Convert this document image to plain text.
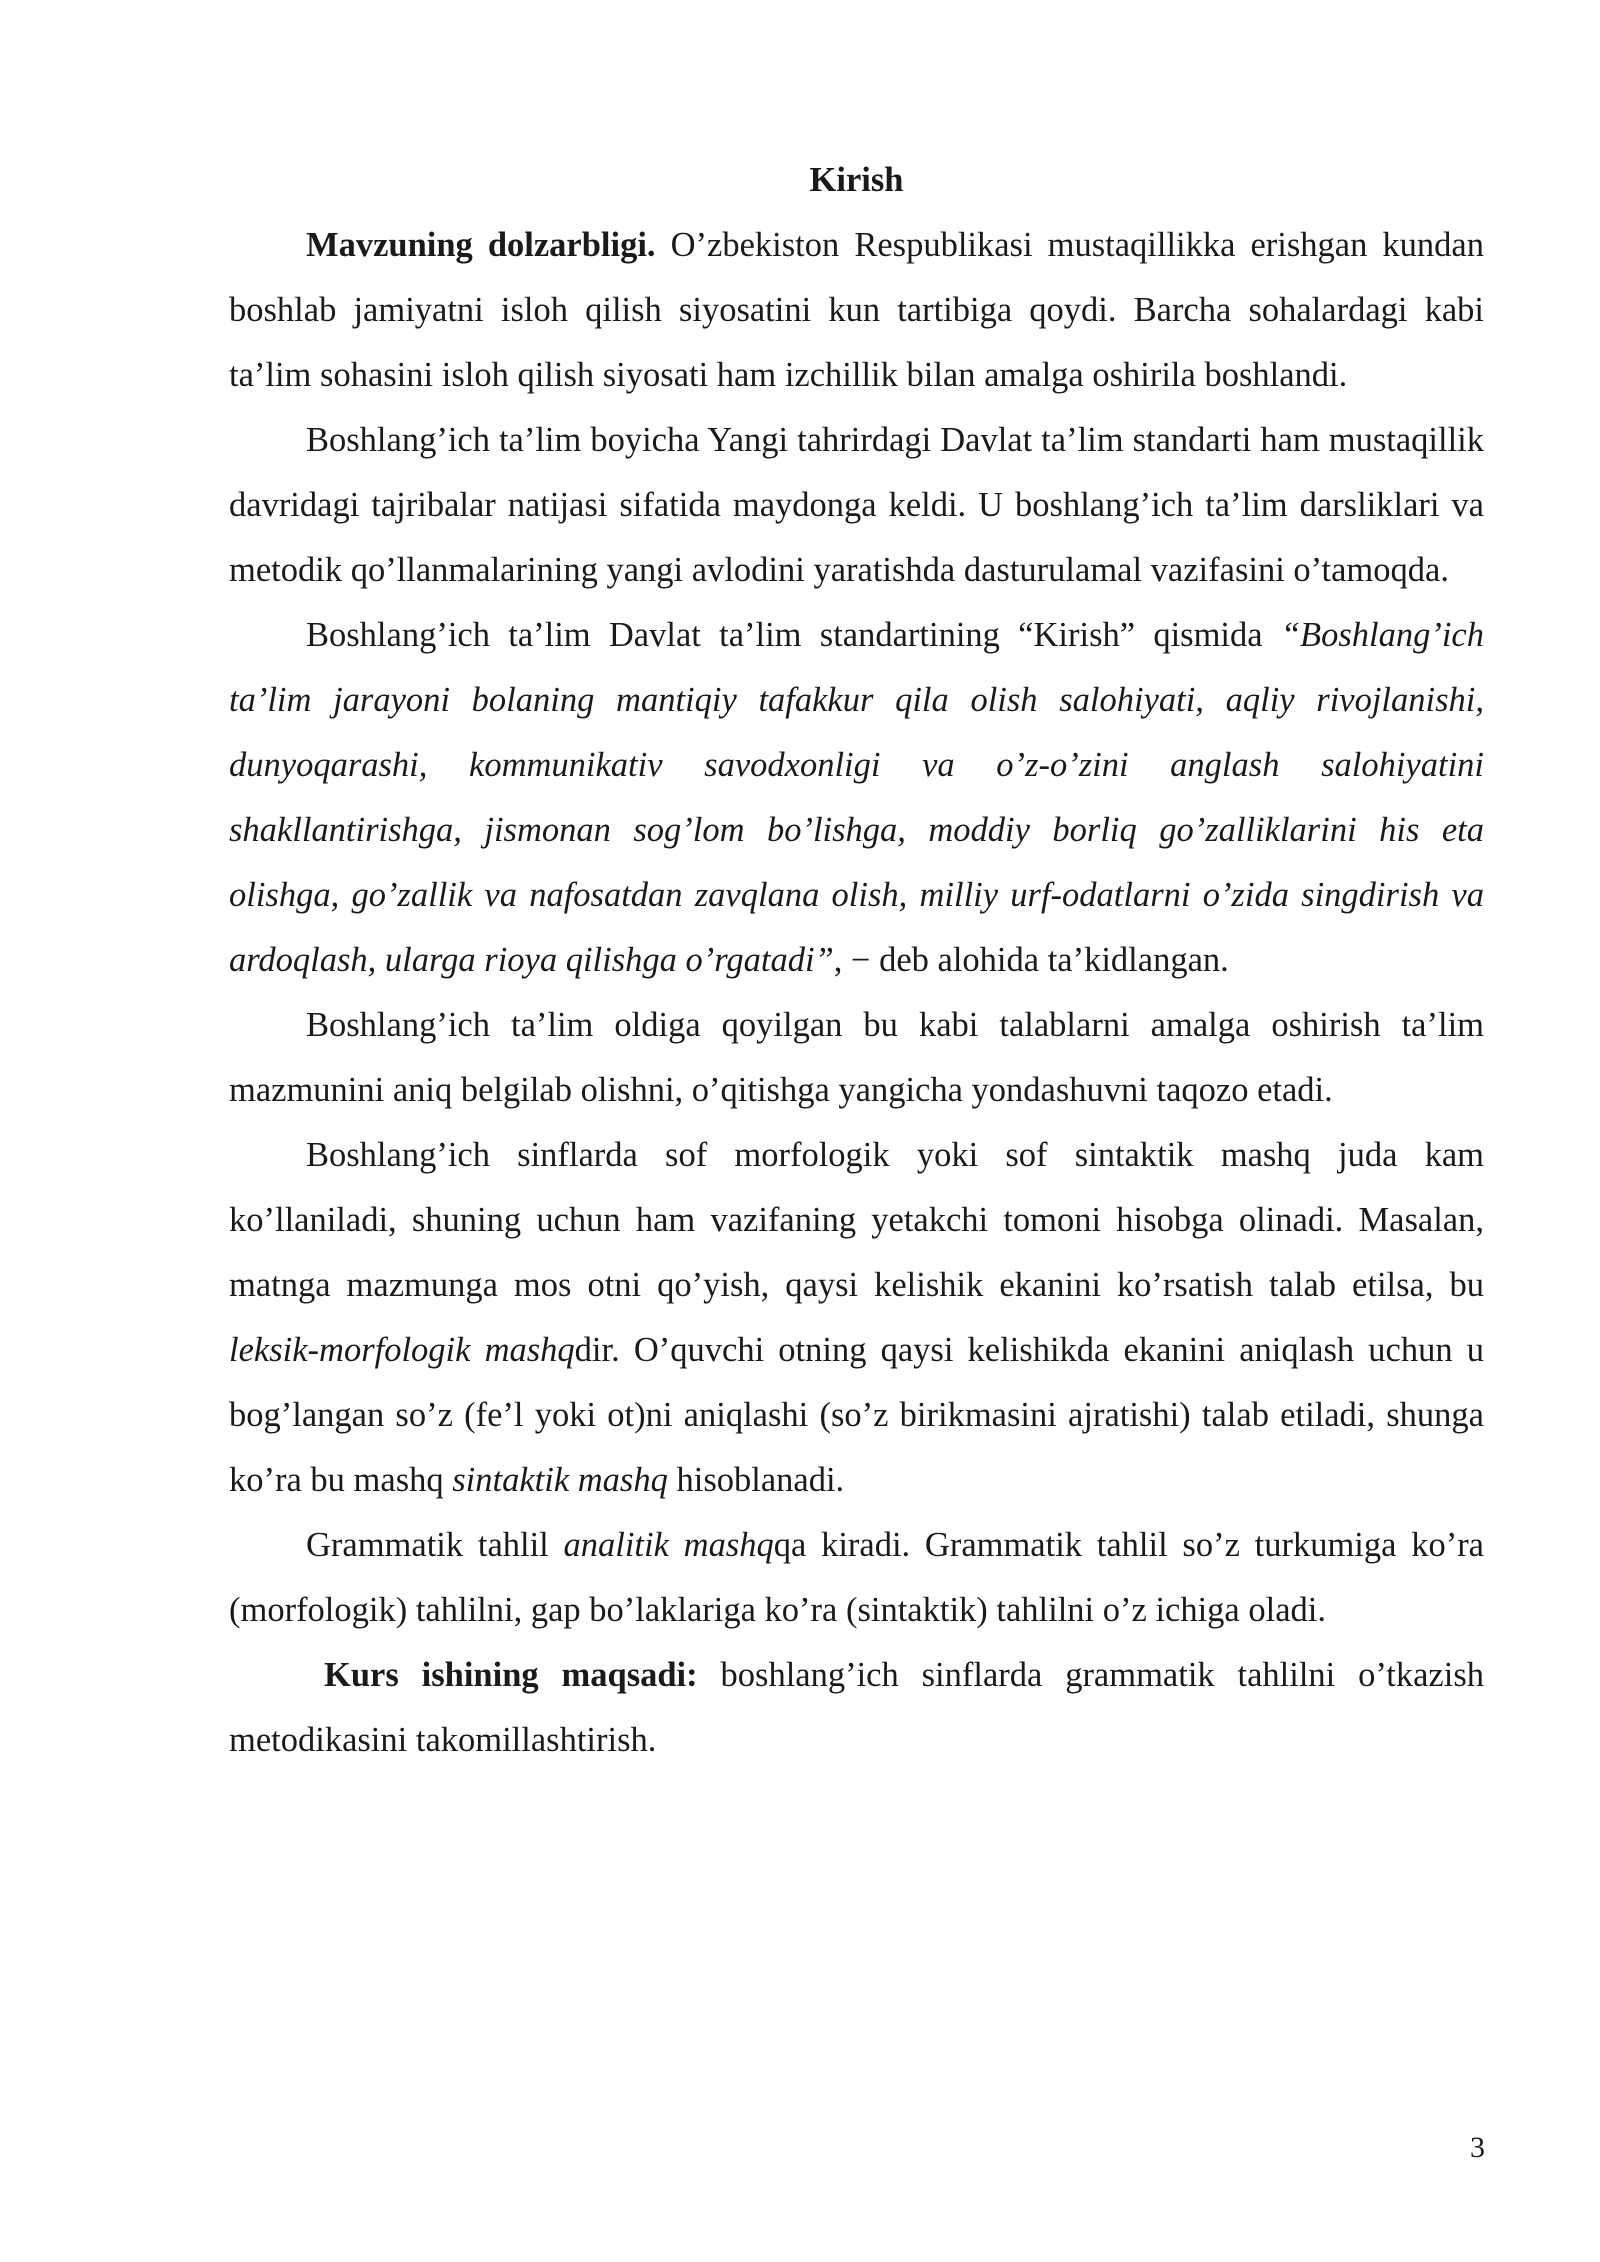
Kirish

Mavzuning dolzarbligi. O’zbekiston Respublikasi mustaqillikka erishgan kundan boshlab jamiyatni isloh qilish siyosatini kun tartibiga qoydi. Barcha sohalardagi kabi ta’lim sohasini isloh qilish siyosati ham izchillik bilan amalga oshirila boshlandi.

Boshlang’ich ta’lim boyicha Yangi tahrirdagi Davlat ta’lim standarti ham mustaqillik davridagi tajribalar natijasi sifatida maydonga keldi. U boshlang’ich ta’lim darsliklari va metodik qo’llanmalarining yangi avlodini yaratishda dasturulamal vazifasini o’tamoqda.

Boshlang’ich ta’lim Davlat ta’lim standartining “Kirish” qismida “Boshlang’ich ta’lim jarayoni bolaning mantiqiy tafakkur qila olish salohiyati, aqliy rivojlanishi, dunyoqarashi, kommunikativ savodxonligi va o’z-o’zini anglash salohiyatini shakllantirishga, jismonan sog’lom bo’lishga, moddiy borliq go’zalliklarini his eta olishga, go’zallik va nafosatdan zavqlana olish, milliy urf-odatlarni o’zida singdirish va ardoqlash, ularga rioya qilishga o’rgatadi”, − deb alohida ta’kidlangan.

Boshlang’ich ta’lim oldiga qoyilgan bu kabi talablarni amalga oshirish ta’lim mazmunini aniq belgilab olishni, o’qitishga yangicha yondashuvni taqozo etadi.

Boshlang’ich sinflarda sof morfologik yoki sof sintaktik mashq juda kam ko’llaniladi, shuning uchun ham vazifaning yetakchi tomoni hisobga olinadi. Masalan, matnga mazmunga mos otni qo’yish, qaysi kelishik ekanini ko’rsatish talab etilsa, bu leksik-morfologik mashqdir. O’quvchi otning qaysi kelishikda ekanini aniqlash uchun u bog’langan so’z (fe’l yoki ot)ni aniqlashi (so’z birikmasini ajratishi) talab etiladi, shunga ko’ra bu mashq sintaktik mashq hisoblanadi.

Grammatik tahlil analitik mashqqa kiradi. Grammatik tahlil so’z turkumiga ko’ra (morfologik) tahlilni, gap bo’laklariga ko’ra (sintaktik) tahlilni o’z ichiga oladi.

Kurs ishining maqsadi: boshlang’ich sinflarda grammatik tahlilni o’tkazish metodikasini takomillashtirish.

3
